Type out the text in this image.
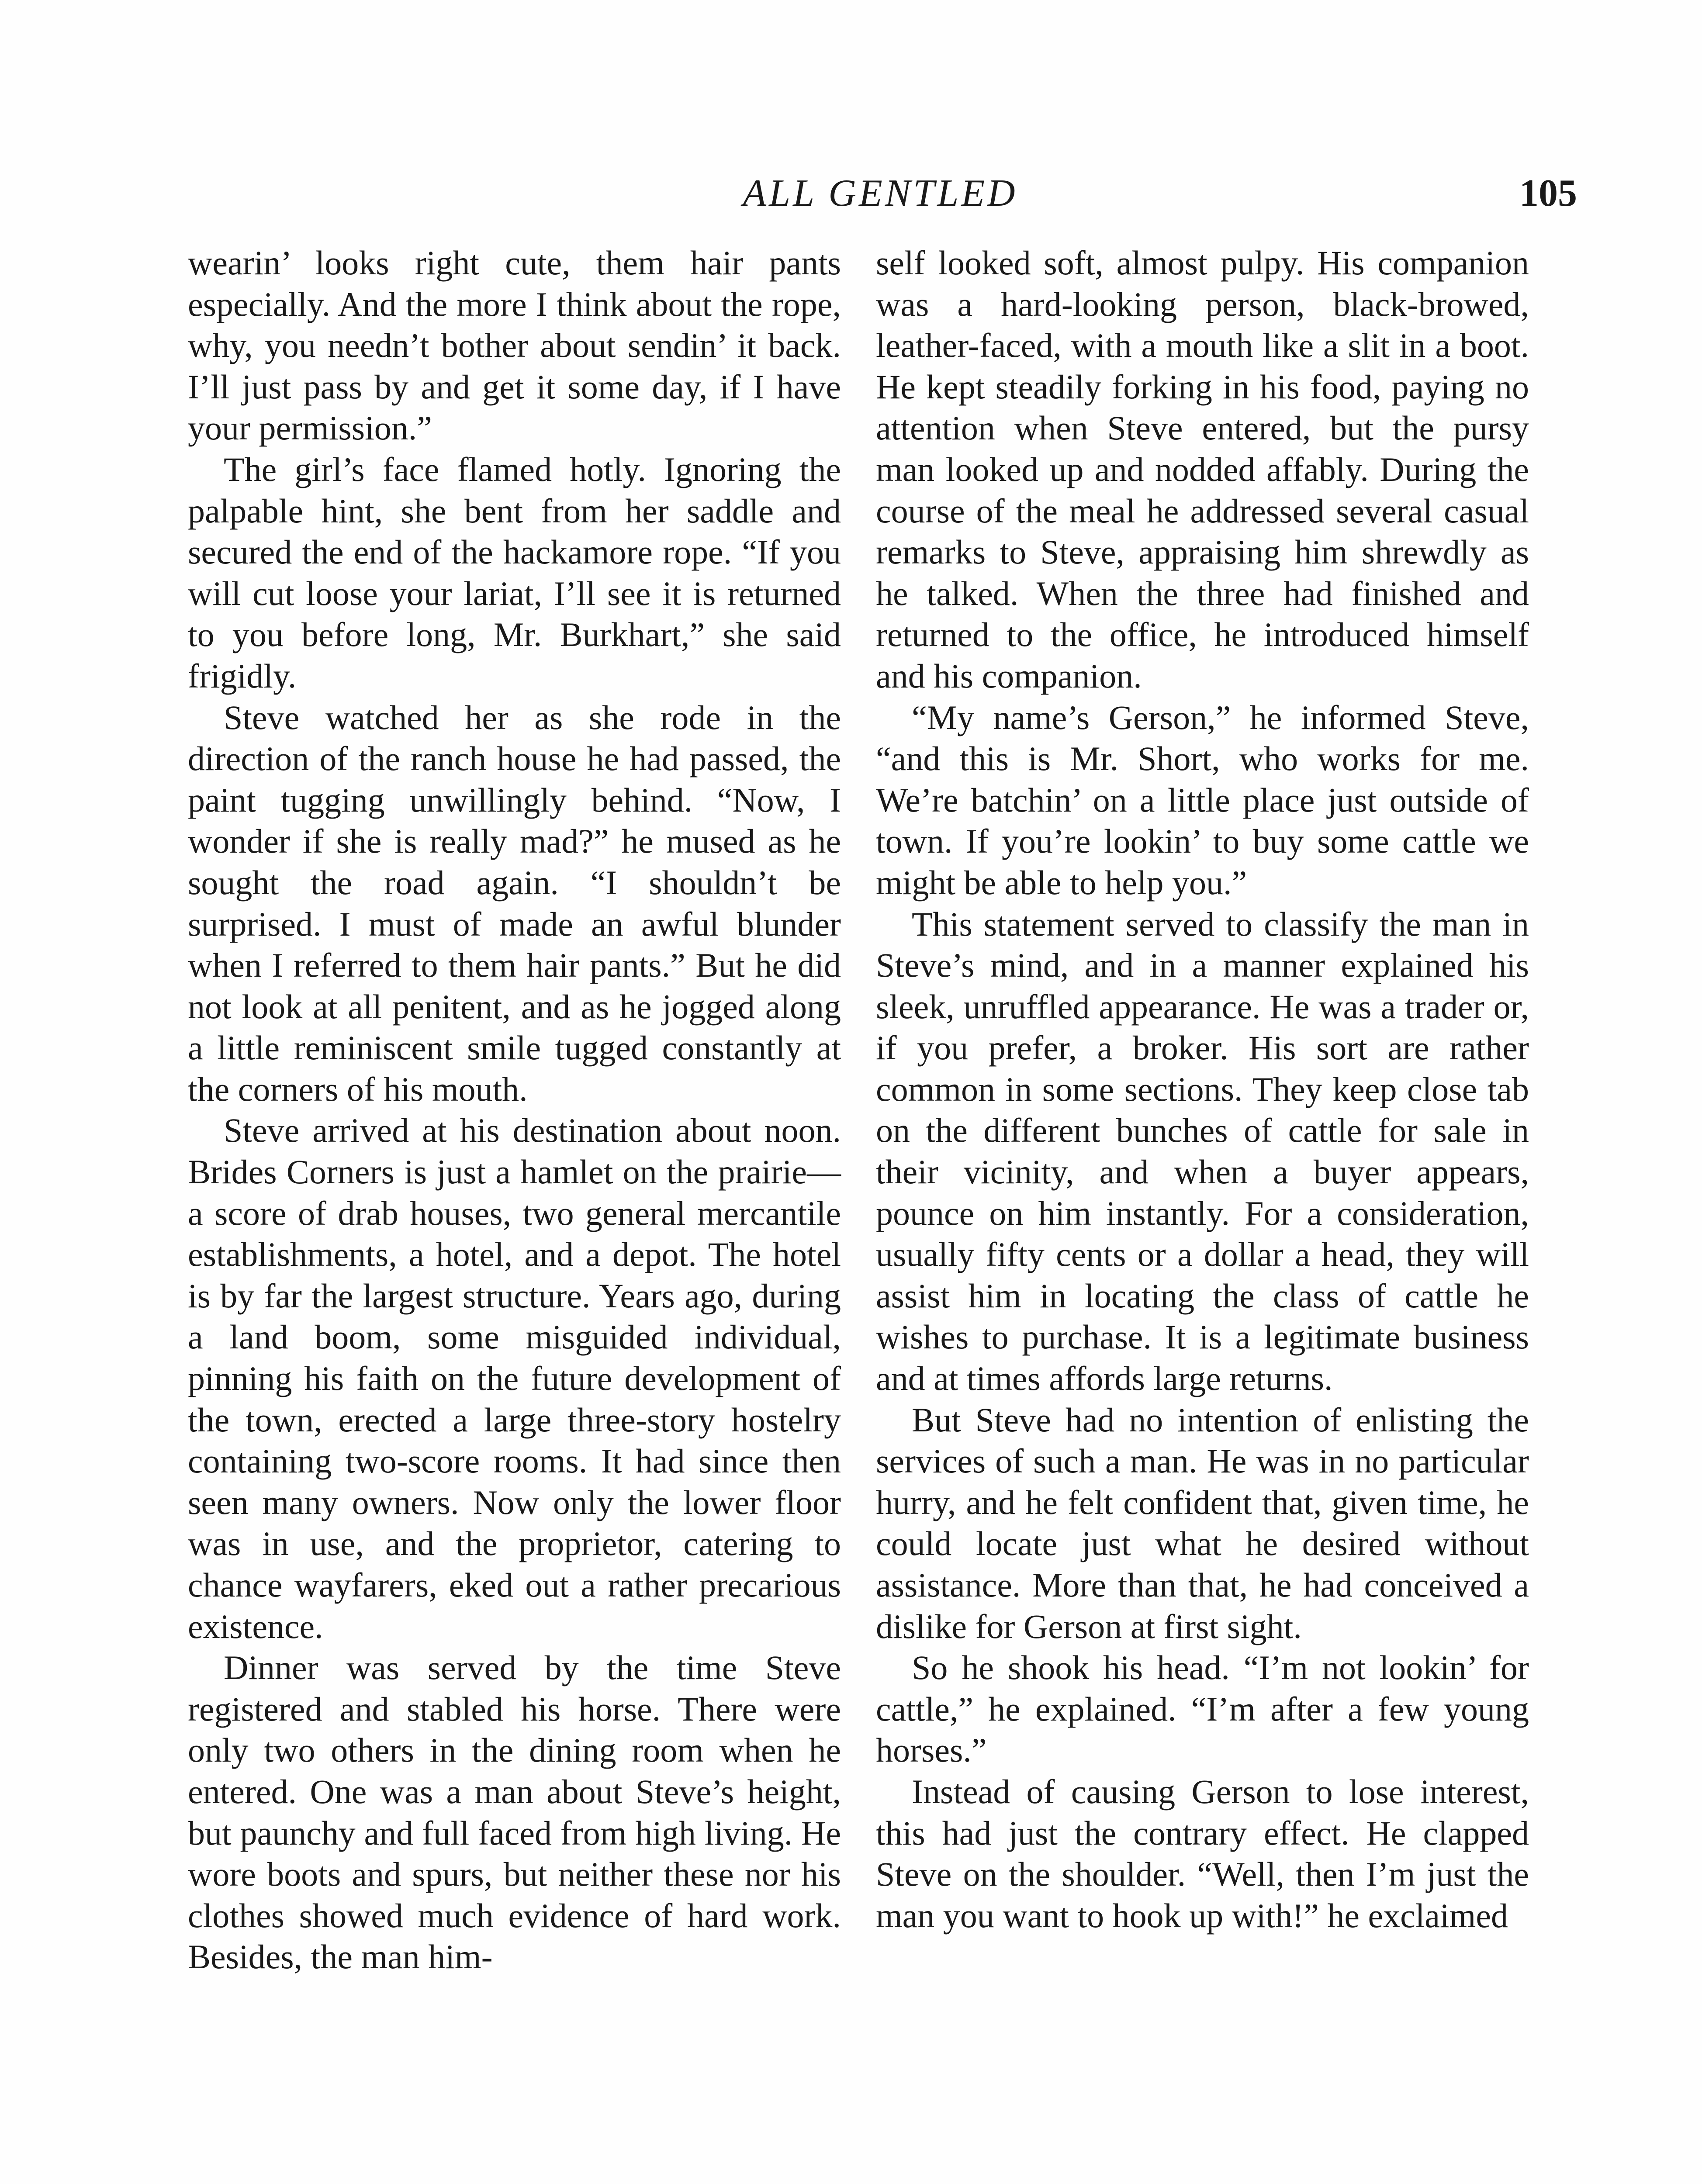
ALL GENTLED	105

wearin’ looks right cute, them hair pants especially. And the more I think about the rope, why, you needn’t bother about sendin’ it back. I’ll just pass by and get it some day, if I have your permission.”

The girl’s face flamed hotly. Ignoring the palpable hint, she bent from her saddle and secured the end of the hackamore rope. “If you will cut loose your lariat, I’ll see it is returned to you before long, Mr. Burkhart,” she said frigidly.

Steve watched her as she rode in the direction of the ranch house he had passed, the paint tugging unwillingly behind. “Now, I wonder if she is really mad?” he mused as he sought the road again. “I shouldn’t be surprised. I must of made an awful blunder when I referred to them hair pants.” But he did not look at all penitent, and as he jogged along a little reminiscent smile tugged constantly at the corners of his mouth.

Steve arrived at his destination about noon. Brides Corners is just a hamlet on the prairie—a score of drab houses, two general mercantile establishments, a hotel, and a depot. The hotel is by far the largest structure. Years ago, during a land boom, some misguided individual, pinning his faith on the future development of the town, erected a large three-story hostelry containing two-score rooms. It had since then seen many owners. Now only the lower floor was in use, and the proprietor, catering to chance wayfarers, eked out a rather precarious existence.

Dinner was served by the time Steve registered and stabled his horse. There were only two others in the dining room when he entered. One was a man about Steve’s height, but paunchy and full faced from high living. He wore boots and spurs, but neither these nor his clothes showed much evidence of hard work. Besides, the man him-

self looked soft, almost pulpy. His companion was a hard-looking person, black-browed, leather-faced, with a mouth like a slit in a boot. He kept steadily forking in his food, paying no attention when Steve entered, but the pursy man looked up and nodded affably. During the course of the meal he addressed several casual remarks to Steve, appraising him shrewdly as he talked. When the three had finished and returned to the office, he introduced himself and his companion.

“My name’s Gerson,” he informed Steve, “and this is Mr. Short, who works for me. We’re batchin’ on a little place just outside of town. If you’re lookin’ to buy some cattle we might be able to help you.”

This statement served to classify the man in Steve’s mind, and in a manner explained his sleek, unruffled appearance. He was a trader or, if you prefer, a broker. His sort are rather common in some sections. They keep close tab on the different bunches of cattle for sale in their vicinity, and when a buyer appears, pounce on him instantly. For a consideration, usually fifty cents or a dollar a head, they will assist him in locating the class of cattle he wishes to purchase. It is a legitimate business and at times affords large returns.

But Steve had no intention of enlisting the services of such a man. He was in no particular hurry, and he felt confident that, given time, he could locate just what he desired without assistance. More than that, he had conceived a dislike for Gerson at first sight.

So he shook his head. “I’m not lookin’ for cattle,” he explained. “I’m after a few young horses.”

Instead of causing Gerson to lose interest, this had just the contrary effect. He clapped Steve on the shoulder. “Well, then I’m just the man you want to hook up with!” he exclaimed
